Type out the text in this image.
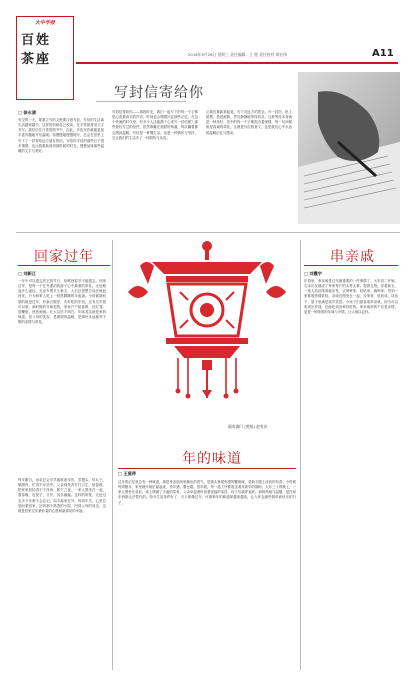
大中华报
百姓
茶座	2018年9月26日 星期三 责任编辑：王 璧 责任校对 胡宏伟	A11
写封信寄给你
□ 徐永清
有空的一天，要重立写的文绝要注意写信，写信的生活离生活越来越少。这样的信就自己悦读，在平常都将旧文字书写。我信后在日常的细节中，由此，多色写作就能更加丰富有趣地写信温暖。再慢慢地慢慢地写，总会在信里上写下了一封寄给远方朋友的信。写给你平信的那些日子很多事情，也让我重新回到那时候的时光，慢慢品味那些温暖的文字与美好。
写封信寄给你——那段时光，我们一起写下的每一个字都是心底最真实的声音，时间也会慢慢沉淀那些记忆。在这个快速的时代里，有多少人还能静下心来写一封信呢？那些曾经写过的信件，依然珍藏在抽屉的角落，每次翻看都会感到温暖。写信是一种慢生活，也是一种情怀与坚持，它让我们的生活多了一份期待与从容。
让我们重新拿起笔，写下对远方的思念。写一封信，贴上邮票，投进邮筒，然后静静地等待回音。这种等待本身就是一种美好，信中的每一个字都饱含着深情，每一句问候都是真诚的牵挂。这就是写信的意义，也是我们心中永远的温暖记忆与感动。
回家过年
□ 刘新江
一年中可以遗忘其它的节日，但唯独春节不能遗忘。回家过年，是每一个在外漂泊的游子心中最深的牵挂。无论路途多么遥远，无论车票多么难买，人们总是想方设法地赶回家，只为和家人吃上一顿热腾腾的年夜饭。小时候最盼望的就是过年，有新衣服穿，有好吃的东西，还有压岁钱可以拿。那时候的年味很浓，家家户户贴春联、挂灯笼、放鞭炮，热热闹闹。长大以后才明白，年味其实就是家的味道，是父母的笑容，是团圆的温暖，是那份永远割舍不断的亲情与牵挂。
每年腊月，母亲总会早早地准备年货，蒸馒头、炸丸子、做腊肉，忙得不亦乐乎。父亲则负责打扫卫生、贴春联，把家里收拾得干干净净。除夕之夜，一家人围坐在一起，看春晚、包饺子、守岁，其乐融融。这样的场景，无论过去多少年都不会忘记。如今离家在外，每到年关，心里总是盼着回家，回到那个熟悉的小院，回到父母的身边，这就是回家过年最朴素的心愿和最真切的幸福。
福寿满门 (剪纸) 赵有庆
年的味道
□ 王爱萍
过年的记忆里总有一种味道，那是母亲厨房里飘出的香气，是街头巷尾弥漫的鞭炮味，是新衣服上淡淡的布香。小时候每到腊月，家里就开始忙碌起来，杀年猪、磨豆腐、蒸年糕，每一道工序都饱含着对新年的期盼。大年三十的晚上，一家人围坐在桌前，桌上摆满了丰盛的菜肴，父亲举起酒杯说着祝福的话语，孩子们欢呼雀跃。那种热闹与温馨，是任何东西都无法替代的。如今生活条件好了，天天都像过年，可那种年的味道却越来越淡，让人怀念那些简单而快乐的日子。
串亲戚
□ 刘震宇
年俗里，串亲戚是过年最重要的一件事情了。大年初二开始，走亲访友就成了每家每户的头等大事。提着礼物，穿着新衣，一家人浩浩荡荡地出发，去舅舅家、姑姑家、姨妈家，每到一家都被热情款待。亲戚们围坐在一起，拉家常、说收成、谈孩子，屋子里满是欢声笑语。小孩子们最喜欢串亲戚，因为可以收到压岁钱，还能吃到各种好吃的。串亲戚串的不仅是亲情，更是一种浓浓的年味与乡情，让人难以忘怀。
